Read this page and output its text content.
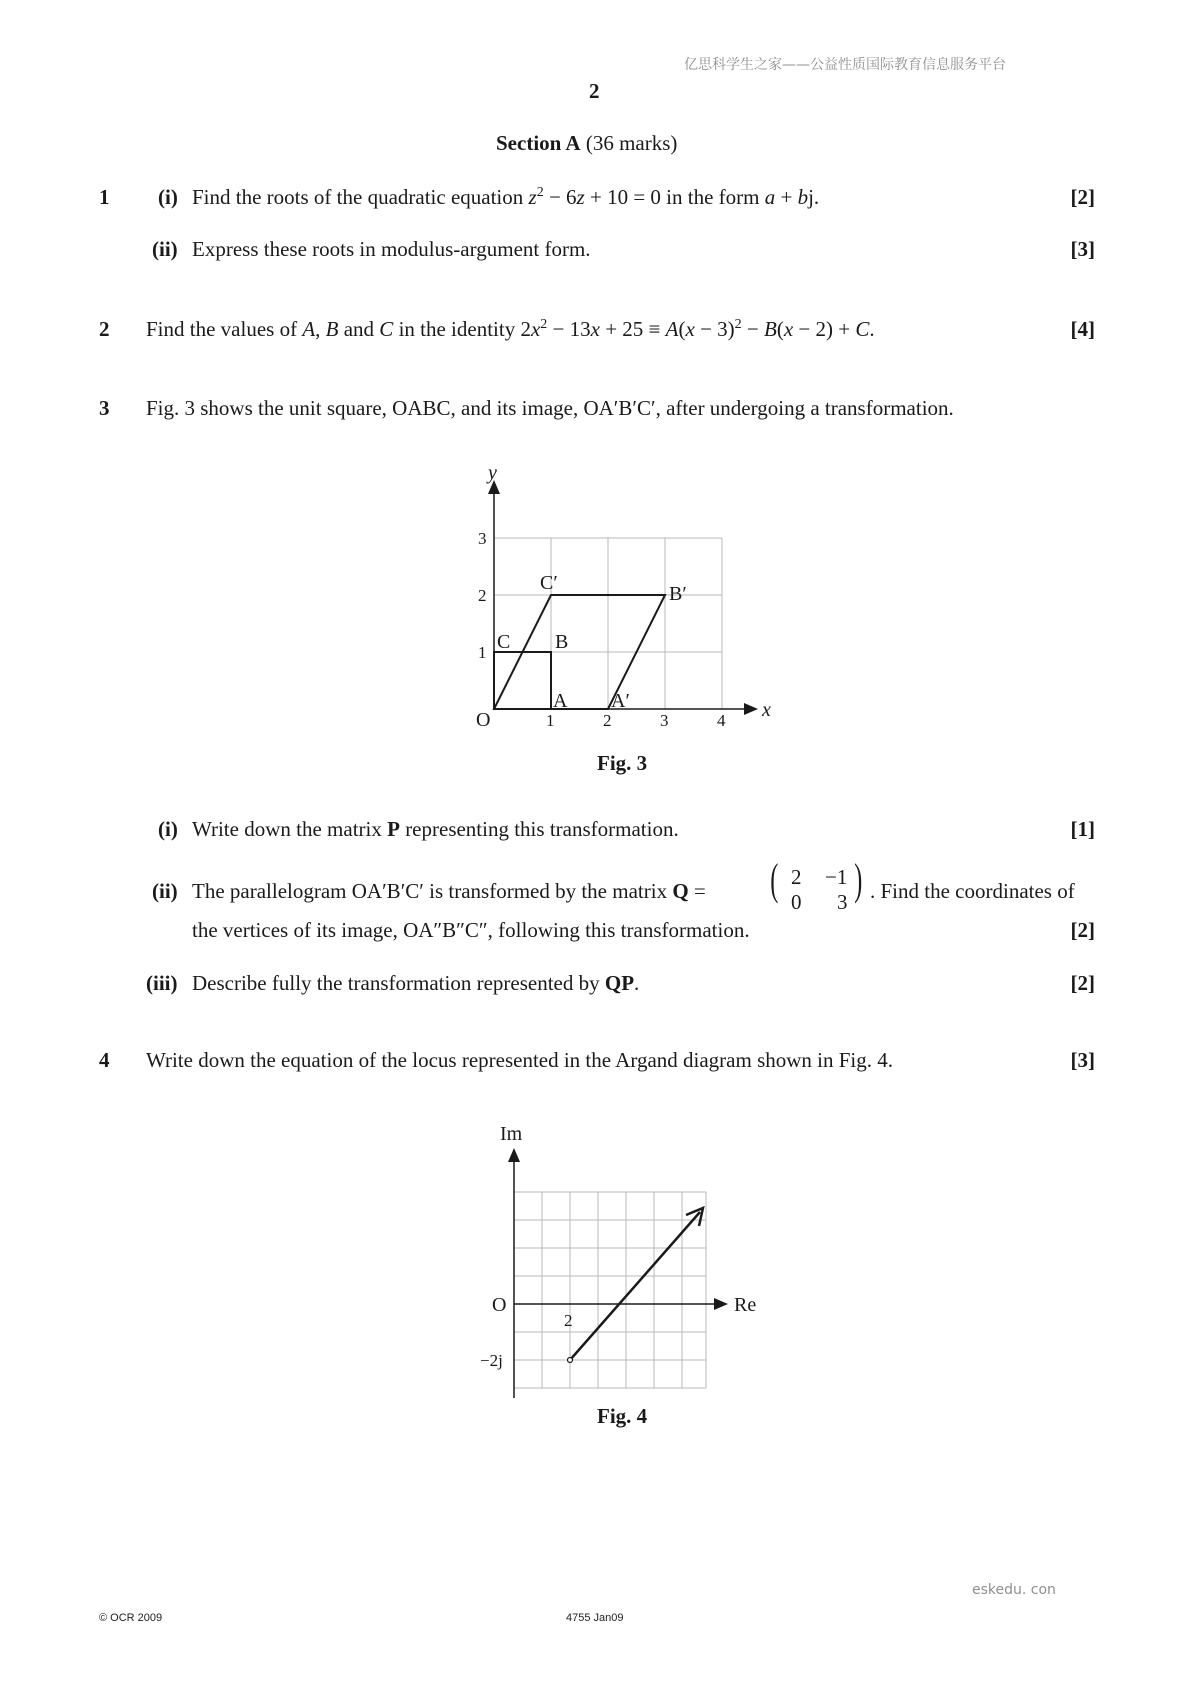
亿思科学生之家——公益性质国际教育信息服务平台
2
Section A (36 marks)
1 (i) Find the roots of the quadratic equation $z^2 - 6z + 10 = 0$ in the form a + bj.	[2]
(ii) Express these roots in modulus-argument form.	[3]
2 Find the values of A, B and C in the identity $2x^2 - 13x + 25 \equiv A(x - 3)^2 - B(x - 2) + C$.	[4]
3 Fig. 3 shows the unit square, OABC, and its image, OA′B′C′, after undergoing a transformation.
y
x
O	1	2	3	4
1
2
3
A
B
C
A′
B′
C′
Fig. 3
(i) Write down the matrix P representing this transformation.	[1]
(ii) The parallelogram OA′B′C′ is transformed by the matrix Q = ( 2 −1
0 3 ) . Find the coordinates of
the vertices of its image, OA″B″C″, following this transformation.	[2]
(iii) Describe fully the transformation represented by QP.	[2]
4 Write down the equation of the locus represented in the Argand diagram shown in Fig. 4.	[3]
Im
Re
O
2
−2j
Fig. 4
eskedu. con
© OCR 2009	4755 Jan09
